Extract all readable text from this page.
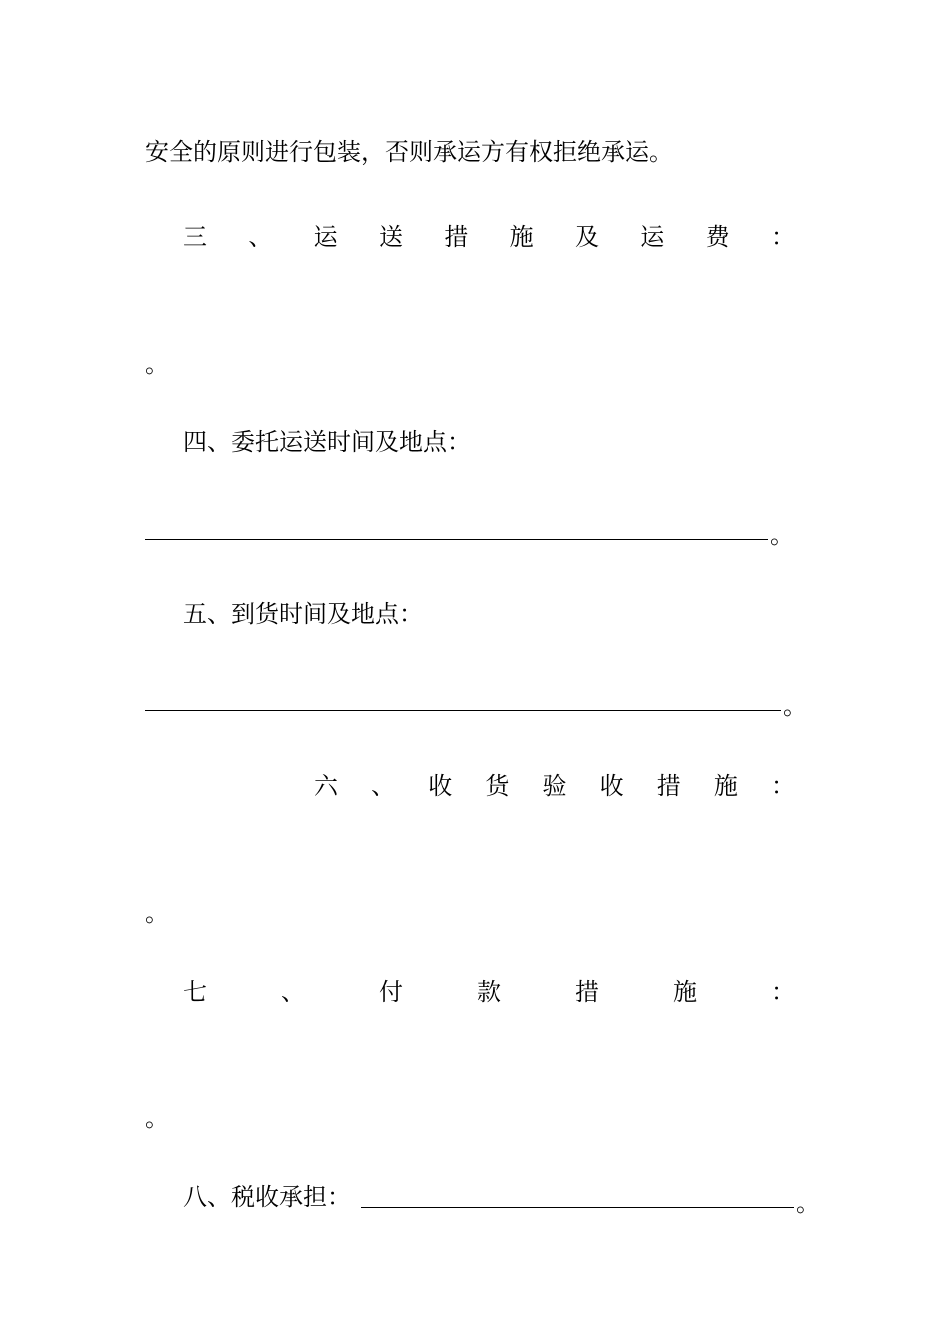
安全的原则进行包装，否则承运方有权拒绝承运。
三 、 运 送 措 施 及 运 费 ：
。
四、委托运送时间及地点：
。
五、到货时间及地点：
。
六 、 收 货 验 收 措 施 ：
。
七	、	付	款	措	施	：
。
八、税收承担：	。
